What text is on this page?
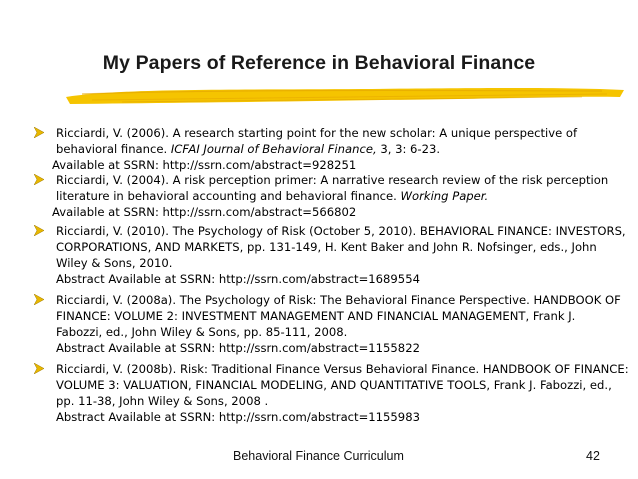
My Papers of Reference in Behavioral Finance
Ricciardi, V. (2006). A research starting point for the new scholar: A unique perspective of
behavioral finance. ICFAI Journal of Behavioral Finance, 3, 3: 6-23.
Available at SSRN: http://ssrn.com/abstract=928251
Ricciardi, V. (2004). A risk perception primer: A narrative research review of the risk perception
literature in behavioral accounting and behavioral finance. Working Paper.
Available at SSRN: http://ssrn.com/abstract=566802
Ricciardi, V. (2010). The Psychology of Risk (October 5, 2010). BEHAVIORAL FINANCE: INVESTORS,
CORPORATIONS, AND MARKETS, pp. 131-149, H. Kent Baker and John R. Nofsinger, eds., John
Wiley & Sons, 2010.
Abstract Available at SSRN: http://ssrn.com/abstract=1689554
Ricciardi, V. (2008a). The Psychology of Risk: The Behavioral Finance Perspective. HANDBOOK OF
FINANCE: VOLUME 2: INVESTMENT MANAGEMENT AND FINANCIAL MANAGEMENT, Frank J.
Fabozzi, ed., John Wiley & Sons, pp. 85-111, 2008.
Abstract Available at SSRN: http://ssrn.com/abstract=1155822
Ricciardi, V. (2008b). Risk: Traditional Finance Versus Behavioral Finance. HANDBOOK OF FINANCE:
VOLUME 3: VALUATION, FINANCIAL MODELING, AND QUANTITATIVE TOOLS, Frank J. Fabozzi, ed.,
pp. 11-38, John Wiley & Sons, 2008 .
Abstract Available at SSRN: http://ssrn.com/abstract=1155983
Behavioral Finance Curriculum	42
